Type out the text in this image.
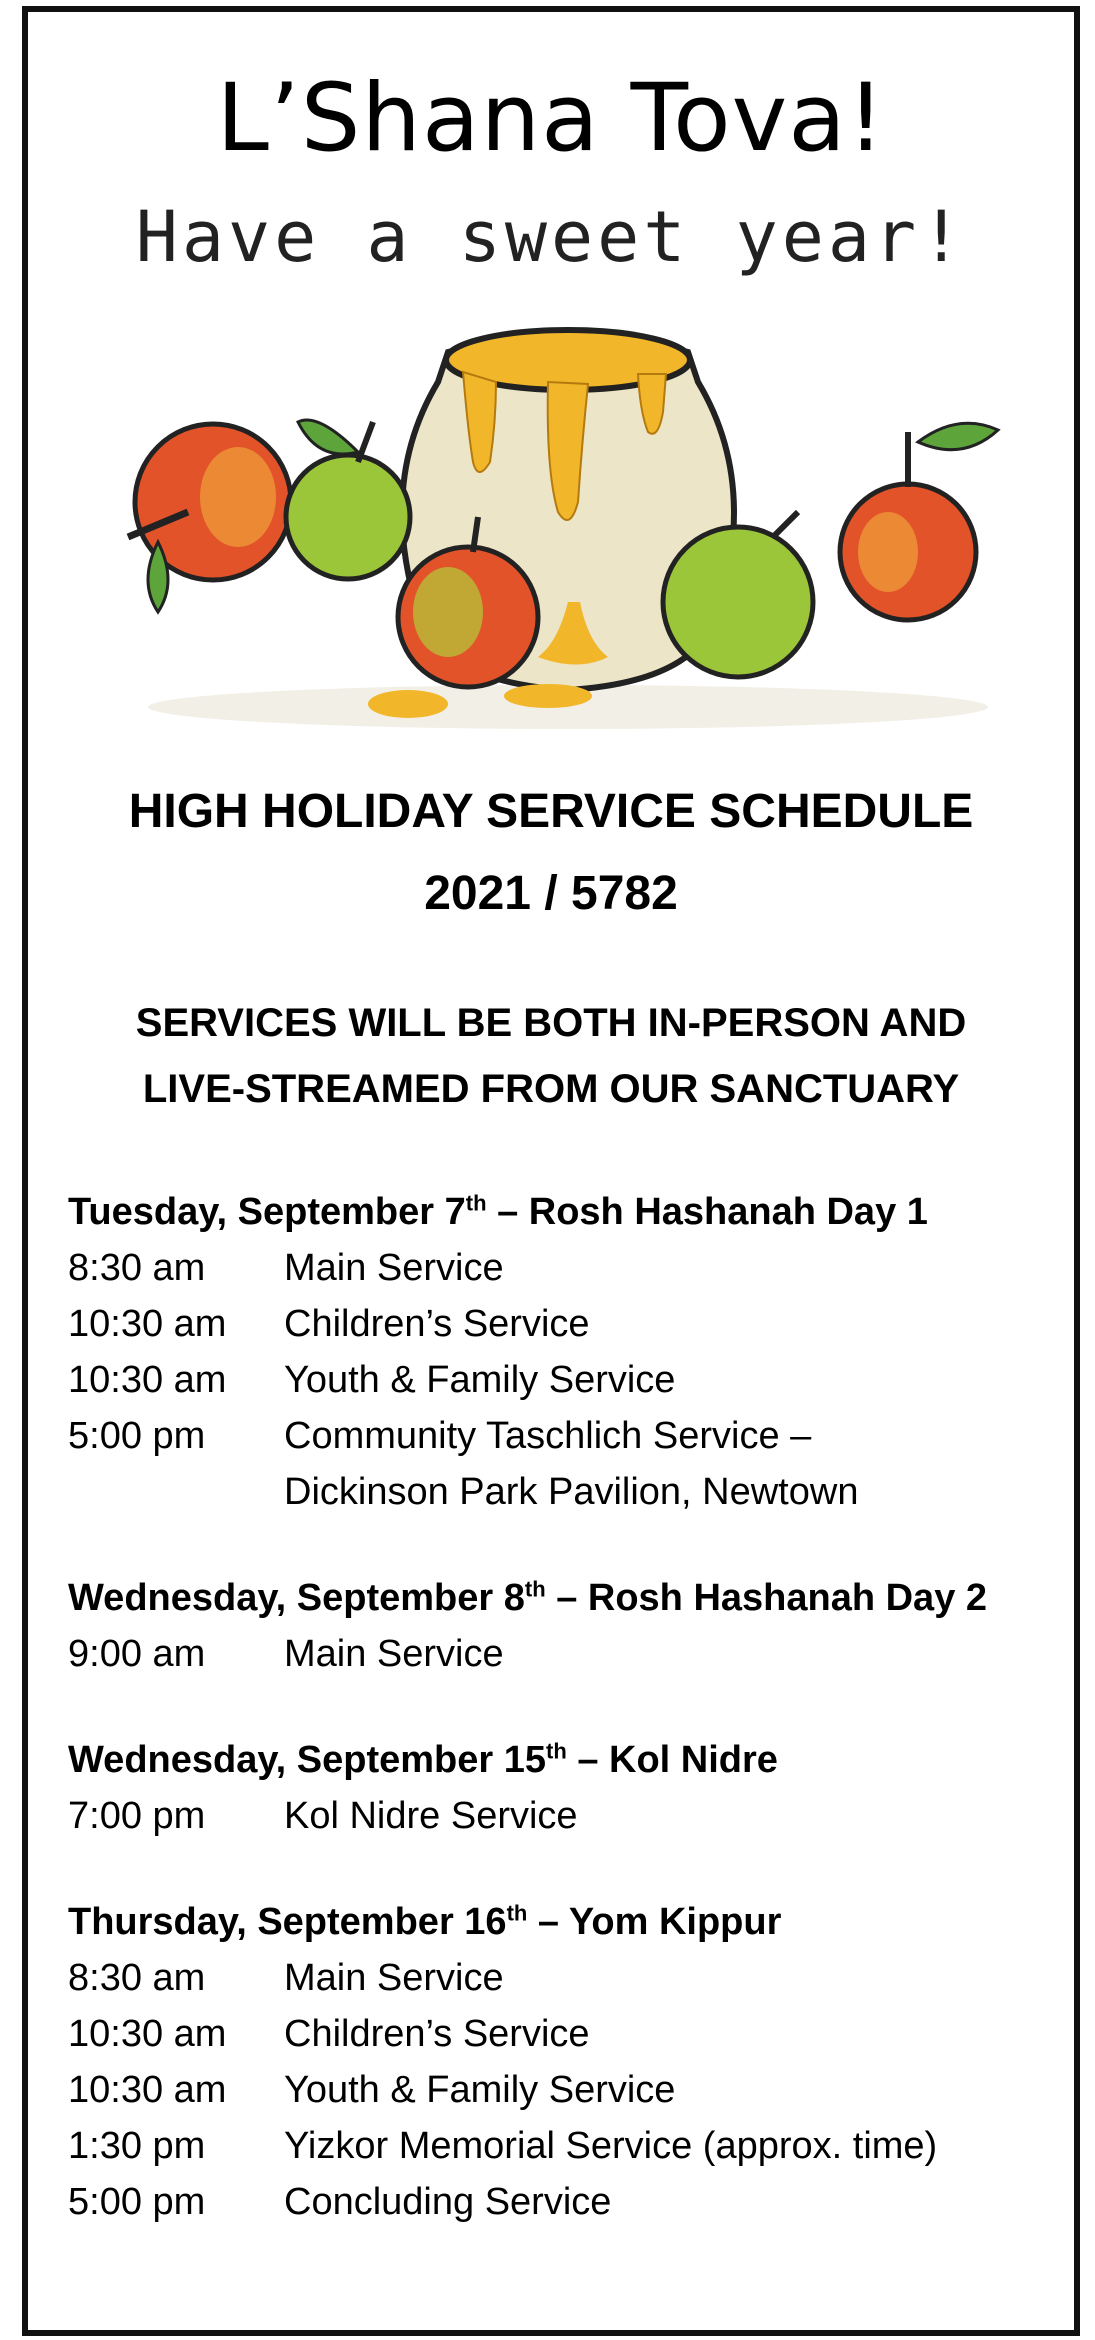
L’Shana Tova!
Have a sweet year!
HIGH HOLIDAY SERVICE SCHEDULE
2021 / 5782
SERVICES WILL BE BOTH IN-PERSON AND
LIVE-STREAMED FROM OUR SANCTUARY
Tuesday, September 7th – Rosh Hashanah Day 1
8:30 am	Main Service
10:30 am	Children’s Service
10:30 am	Youth & Family Service
5:00 pm	Community Taschlich Service –
Dickinson Park Pavilion, Newtown
Wednesday, September 8th – Rosh Hashanah Day 2
9:00 am	Main Service
Wednesday, September 15th – Kol Nidre
7:00 pm	Kol Nidre Service
Thursday, September 16th – Yom Kippur
8:30 am	Main Service
10:30 am	Children’s Service
10:30 am	Youth & Family Service
1:30 pm	Yizkor Memorial Service (approx. time)
5:00 pm	Concluding Service
